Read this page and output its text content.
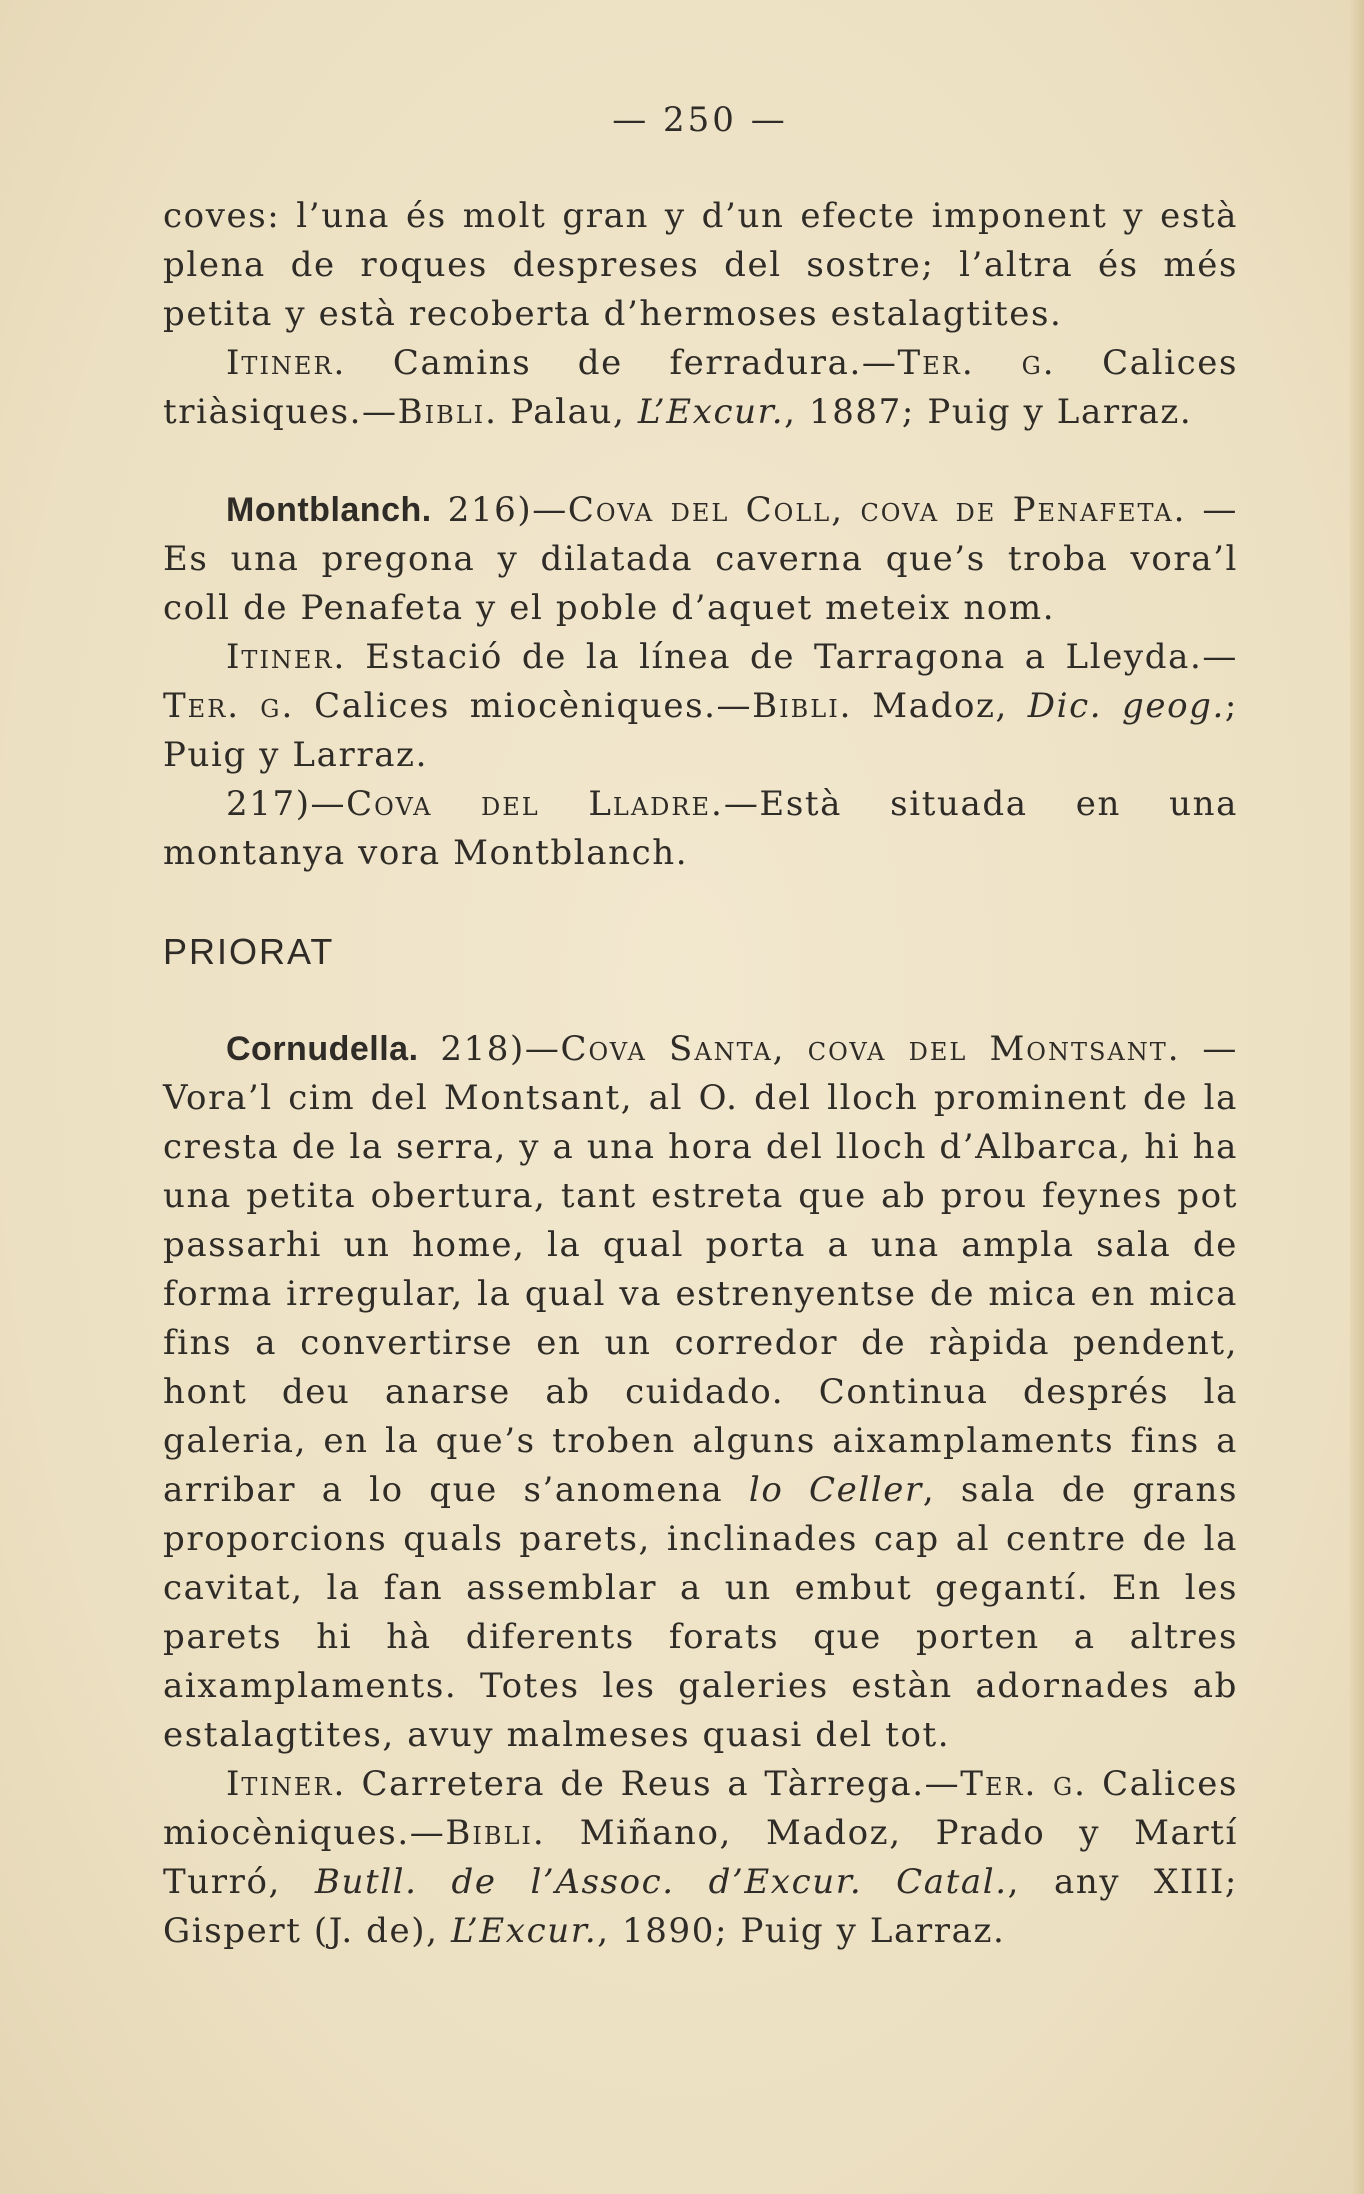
— 250 —

coves: l’una és molt gran y d’un efecte imponent y està plena de roques despreses del sostre; l’altra és més petita y està recoberta d’hermoses estalagtites.

Itiner. Camins de ferradura.—Ter. g. Calices triàsiques.—Bibli. Palau, L’Excur., 1887; Puig y Larraz.

Montblanch. 216)—Cova del Coll, cova de Penafeta. —Es una pregona y dilatada caverna que’s troba vora’l coll de Penafeta y el poble d’aquet meteix nom.

Itiner. Estació de la línea de Tarragona a Lleyda.—Ter. g. Calices miocèniques.—Bibli. Madoz, Dic. geog.; Puig y Larraz.

217)—Cova del Lladre.—Està situada en una montanya vora Montblanch.

PRIORAT

Cornudella. 218)—Cova Santa, cova del Montsant. —Vora’l cim del Montsant, al O. del lloch prominent de la cresta de la serra, y a una hora del lloch d’Albarca, hi ha una petita obertura, tant estreta que ab prou feynes pot passarhi un home, la qual porta a una ampla sala de forma irregular, la qual va estrenyentse de mica en mica fins a convertirse en un corredor de ràpida pendent, hont deu anarse ab cuidado. Continua després la galeria, en la que’s troben alguns aixamplaments fins a arribar a lo que s’anomena lo Celler, sala de grans proporcions quals parets, inclinades cap al centre de la cavitat, la fan assemblar a un embut gegantí. En les parets hi hà diferents forats que porten a altres aixamplaments. Totes les galeries estàn adornades ab estalagtites, avuy malmeses quasi del tot.

Itiner. Carretera de Reus a Tàrrega.—Ter. g. Calices miocèniques.—Bibli. Miñano, Madoz, Prado y Martí Turró, Butll. de l’Assoc. d’Excur. Catal., any XIII; Gispert (J. de), L’Excur., 1890; Puig y Larraz.
